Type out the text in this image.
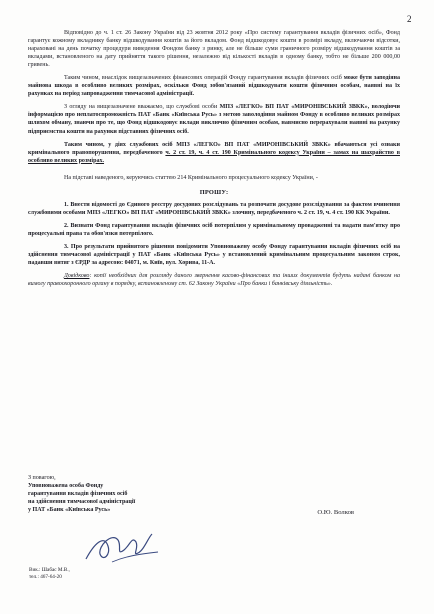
2

Відповідно до ч. 1 ст. 26 Закону України від 23 жовтня 2012 року «Про систему гарантування вкладів фізичних осіб», Фонд гарантує кожному вкладнику банку відшкодування коштів за його вкладом. Фонд відшкодовує кошти в розмірі вкладу, включаючи відсотки, нараховані на день початку процедури виведення Фондом банку з ринку, але не більше суми граничного розміру відшкодування коштів за вкладами, встановленого на дату прийняття такого рішення, незалежно від кількості вкладів в одному банку, тобто не більше 200 000,00 гривень.

Таким чином, внаслідок вищезазначених фінансових операцій Фонду гарантування вкладів фізичних осіб може бути заподіяна майнова шкода в особливо великих розмірах, оскільки Фонд зобов'язаний відшкодувати кошти фізичним особам, наявні на їх рахунках на період запровадження тимчасової адміністрації.

З огляду на вищезазначене вважаємо, що службові особи МПЗ «ЛЕГКО» ВП ПАТ «МИРОНІВСЬКИЙ ЗВКК», володіючи інформацією про неплатоспроможність ПАТ «Банк «Київська Русь» з метою заволодіння майном Фонду в особливо великих розмірах шляхом обману, знаючи про те, що Фонд відшкодовує вклади виключно фізичним особам, навмисно перерахували наявні на рахунку підприємства кошти на рахунки підставних фізичних осіб.

Таким чином, у діях службових осіб МПЗ «ЛЕГКО» ВП ПАТ «МИРОНІВСЬКИЙ ЗВКК» вбачаються усі ознаки кримінального правопорушення, передбаченого ч. 2 ст. 19, ч. 4 ст. 190 Кримінального кодексу України – замах на шахрайство в особливо великих розмірах.

На підставі наведеного, керуючись статтею 214 Кримінального процесуального кодексу України, -

ПРОШУ:

1. Внести відомості до Єдиного реєстру досудових розслідувань та розпочати досудове розслідування за фактом вчинення службовими особами МПЗ «ЛЕГКО» ВП ПАТ «МИРОНІВСЬКИЙ ЗВКК» злочину, передбаченого ч. 2 ст. 19, ч. 4 ст. 190 КК України.

2. Визнати Фонд гарантування вкладів фізичних осіб потерпілим у кримінальному провадженні та надати пам'ятку про процесуальні права та обов'язки потерпілого.

3. Про результати прийнятого рішення повідомити Уповноважену особу Фонду гарантування вкладів фізичних осіб на здійснення тимчасової адміністрації у ПАТ «Банк «Київська Русь» у встановлений кримінальним процесуальним законом строк, падавши витяг з ЄРДР за адресою: 04071, м. Київ, вул. Хорива, 11-А.

Довідково: копії необхідних для розгляду даного звернення касово-фінансових та інших документів будуть надані банком на вимогу правоохоронного органу в порядку, встановленому ст. 62 Закону України «Про банки і банківську діяльність».

З повагою,

Уповноважена особа Фонду

гарантування вкладів фізичних осіб

на здійснення тимчасової адміністрації

у ПАТ «Банк «Київська Русь»	О.Ю. Волков

Вик.: Шабас М.В.,

тел.: 467-64-20
